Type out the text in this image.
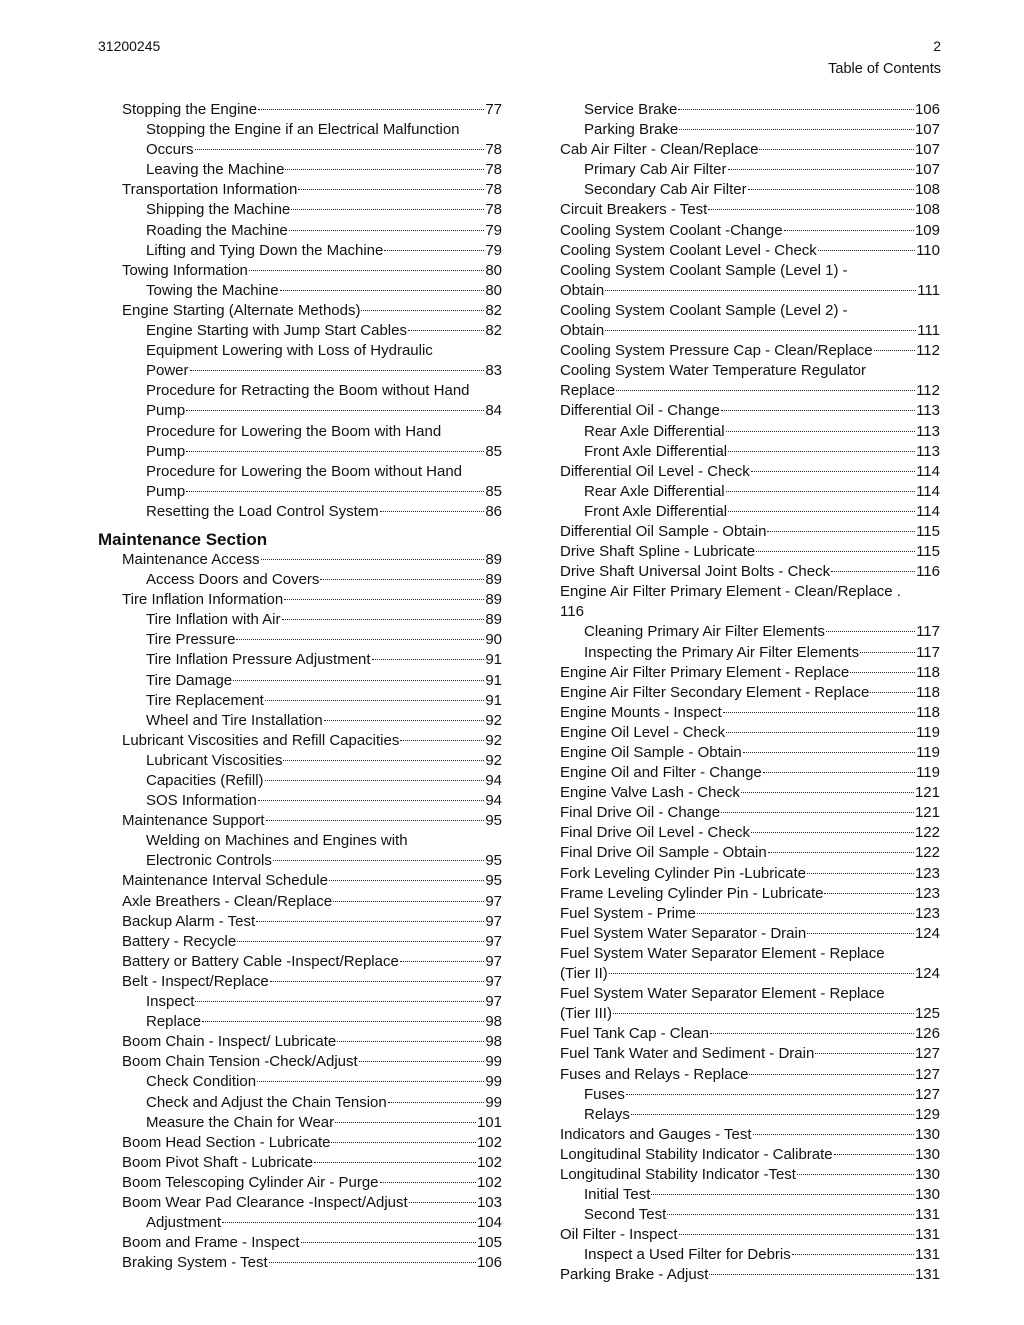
31200245	2
Table of Contents
Stopping the Engine	77
Stopping the Engine if an Electrical Malfunction
Occurs	78
Leaving the Machine	78
Transportation Information	78
Shipping the Machine	78
Roading the Machine	79
Lifting and Tying Down the Machine	79
Towing Information	80
Towing the Machine	80
Engine Starting (Alternate Methods)	82
Engine Starting with Jump Start Cables	82
Equipment Lowering with Loss of Hydraulic
Power	83
Procedure for Retracting the Boom without Hand
Pump	84
Procedure for Lowering the Boom with Hand
Pump	85
Procedure for Lowering the Boom without Hand
Pump	85
Resetting the Load Control System	86
Maintenance Section
Maintenance Access	89
Access Doors and Covers	89
Tire Inflation Information	89
Tire Inflation with Air	89
Tire Pressure	90
Tire Inflation Pressure Adjustment	91
Tire Damage	91
Tire Replacement	91
Wheel and Tire Installation	92
Lubricant Viscosities and Refill Capacities	92
Lubricant Viscosities	92
Capacities (Refill)	94
SOS Information	94
Maintenance Support	95
Welding on Machines and Engines with
Electronic Controls	95
Maintenance Interval Schedule	95
Axle Breathers - Clean/Replace	97
Backup Alarm - Test	97
Battery - Recycle	97
Battery or Battery Cable -Inspect/Replace	97
Belt - Inspect/Replace	97
Inspect	97
Replace	98
Boom Chain - Inspect/ Lubricate	98
Boom Chain Tension -Check/Adjust	99
Check Condition	99
Check and Adjust the Chain Tension	99
Measure the Chain for Wear	101
Boom Head Section - Lubricate	102
Boom Pivot Shaft - Lubricate	102
Boom Telescoping Cylinder Air - Purge	102
Boom Wear Pad Clearance -Inspect/Adjust	103
Adjustment	104
Boom and Frame - Inspect	105
Braking System - Test	106
Service Brake	106
Parking Brake	107
Cab Air Filter - Clean/Replace	107
Primary Cab Air Filter	107
Secondary Cab Air Filter	108
Circuit Breakers - Test	108
Cooling System Coolant -Change	109
Cooling System Coolant Level - Check	110
Cooling System Coolant Sample (Level 1) -
Obtain	111
Cooling System Coolant Sample (Level 2) -
Obtain	111
Cooling System Pressure Cap - Clean/Replace	112
Cooling System Water Temperature Regulator
Replace	112
Differential Oil - Change	113
Rear Axle Differential	113
Front Axle Differential	113
Differential Oil Level - Check	114
Rear Axle Differential	114
Front Axle Differential	114
Differential Oil Sample - Obtain	115
Drive Shaft Spline - Lubricate	115
Drive Shaft Universal Joint Bolts - Check	116
Engine Air Filter Primary Element - Clean/Replace .
116
Cleaning Primary Air Filter Elements	117
Inspecting the Primary Air Filter Elements	117
Engine Air Filter Primary Element - Replace	118
Engine Air Filter Secondary Element - Replace	118
Engine Mounts - Inspect	118
Engine Oil Level - Check	119
Engine Oil Sample - Obtain	119
Engine Oil and Filter - Change	119
Engine Valve Lash - Check	121
Final Drive Oil - Change	121
Final Drive Oil Level - Check	122
Final Drive Oil Sample - Obtain	122
Fork Leveling Cylinder Pin -Lubricate	123
Frame Leveling Cylinder Pin - Lubricate	123
Fuel System - Prime	123
Fuel System Water Separator - Drain	124
Fuel System Water Separator Element - Replace
(Tier II)	124
Fuel System Water Separator Element - Replace
(Tier III)	125
Fuel Tank Cap - Clean	126
Fuel Tank Water and Sediment - Drain	127
Fuses and Relays - Replace	127
Fuses	127
Relays	129
Indicators and Gauges - Test	130
Longitudinal Stability Indicator - Calibrate	130
Longitudinal Stability Indicator -Test	130
Initial Test	130
Second Test	131
Oil Filter - Inspect	131
Inspect a Used Filter for Debris	131
Parking Brake - Adjust	131
